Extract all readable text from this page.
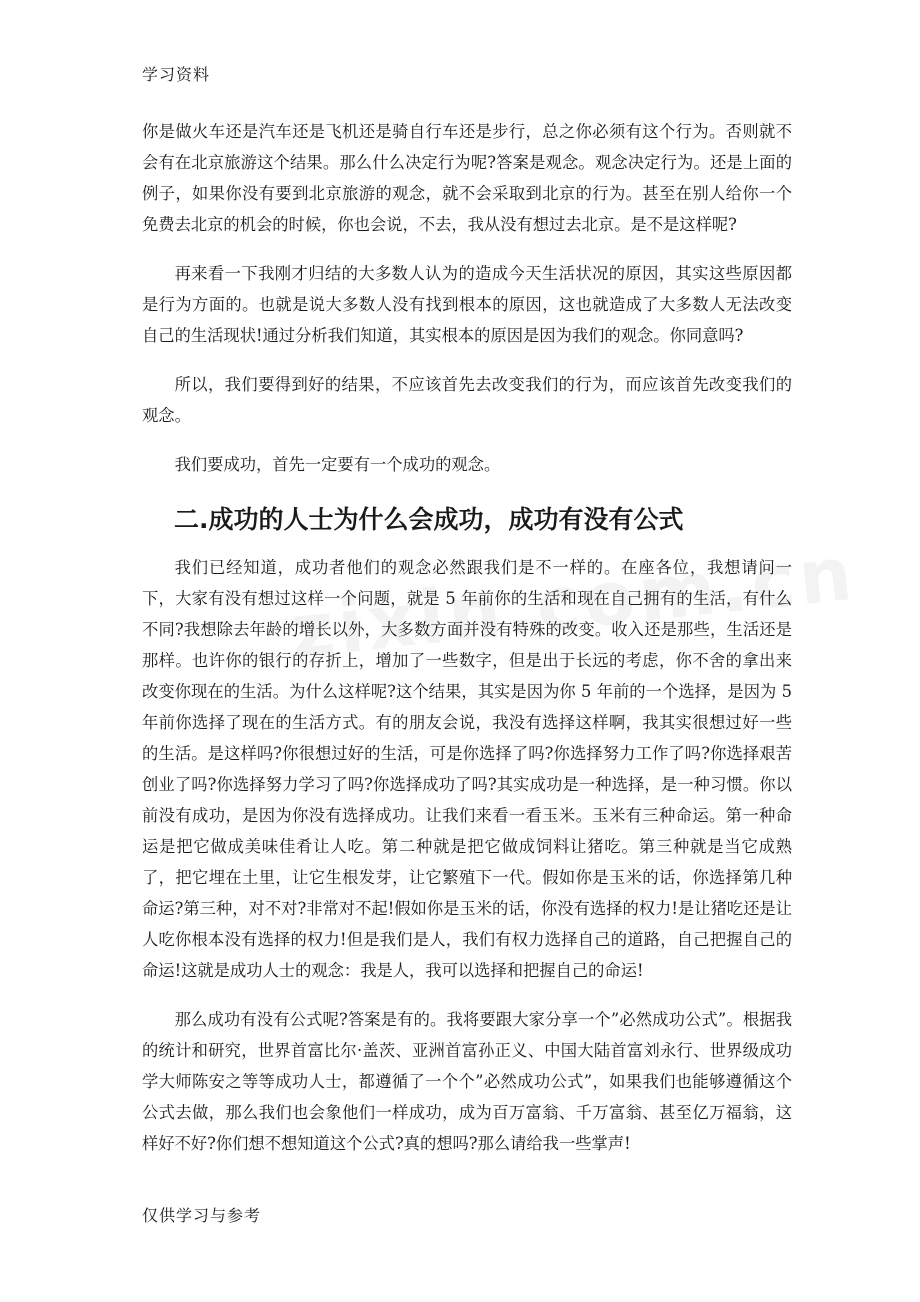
学习资料

你是做火车还是汽车还是飞机还是骑自行车还是步行，总之你必须有这个行为。否则就不会有在北京旅游这个结果。那么什么决定行为呢?答案是观念。观念决定行为。还是上面的例子，如果你没有要到北京旅游的观念，就不会采取到北京的行为。甚至在别人给你一个免费去北京的机会的时候，你也会说，不去，我从没有想过去北京。是不是这样呢?

再来看一下我刚才归结的大多数人认为的造成今天生活状况的原因，其实这些原因都是行为方面的。也就是说大多数人没有找到根本的原因，这也就造成了大多数人无法改变自己的生活现状!通过分析我们知道，其实根本的原因是因为我们的观念。你同意吗?

所以，我们要得到好的结果，不应该首先去改变我们的行为，而应该首先改变我们的观念。

我们要成功，首先一定要有一个成功的观念。

二.成功的人士为什么会成功，成功有没有公式

我们已经知道，成功者他们的观念必然跟我们是不一样的。在座各位，我想请问一下，大家有没有想过这样一个问题，就是 5 年前你的生活和现在自己拥有的生活，有什么不同?我想除去年龄的增长以外，大多数方面并没有特殊的改变。收入还是那些，生活还是那样。也许你的银行的存折上，增加了一些数字，但是出于长远的考虑，你不舍的拿出来改变你现在的生活。为什么这样呢?这个结果，其实是因为你 5 年前的一个选择，是因为 5 年前你选择了现在的生活方式。有的朋友会说，我没有选择这样啊，我其实很想过好一些的生活。是这样吗?你很想过好的生活，可是你选择了吗?你选择努力工作了吗?你选择艰苦创业了吗?你选择努力学习了吗?你选择成功了吗?其实成功是一种选择，是一种习惯。你以前没有成功，是因为你没有选择成功。让我们来看一看玉米。玉米有三种命运。第一种命运是把它做成美味佳肴让人吃。第二种就是把它做成饲料让猪吃。第三种就是当它成熟了，把它埋在土里，让它生根发芽，让它繁殖下一代。假如你是玉米的话，你选择第几种命运?第三种，对不对?非常对不起!假如你是玉米的话，你没有选择的权力!是让猪吃还是让人吃你根本没有选择的权力!但是我们是人，我们有权力选择自己的道路，自己把握自己的命运!这就是成功人士的观念：我是人，我可以选择和把握自己的命运!

那么成功有没有公式呢?答案是有的。我将要跟大家分享一个”必然成功公式”。根据我的统计和研究，世界首富比尔·盖茨、亚洲首富孙正义、中国大陆首富刘永行、世界级成功学大师陈安之等等成功人士，都遵循了一个个”必然成功公式”，如果我们也能够遵循这个公式去做，那么我们也会象他们一样成功，成为百万富翁、千万富翁、甚至亿万福翁，这样好不好?你们想不想知道这个公式?真的想吗?那么请给我一些掌声!

仅供学习与参考
